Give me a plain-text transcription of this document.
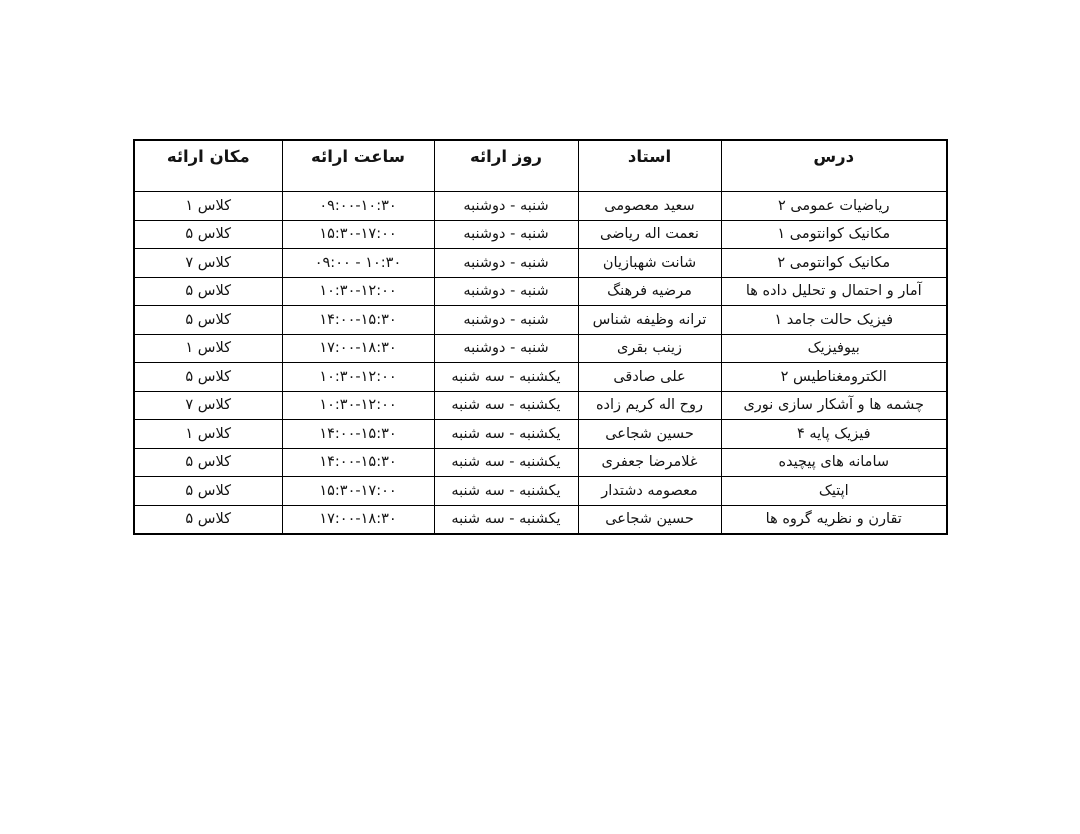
درس	استاد	روز ارائه	ساعت ارائه	مکان ارائه
ریاضیات عمومی ۲	سعید معصومی	شنبه - دوشنبه	۰۹:۰۰-۱۰:۳۰	کلاس ۱
مکانیک کوانتومی ۱	نعمت اله ریاضی	شنبه - دوشنبه	۱۵:۳۰-۱۷:۰۰	کلاس ۵
مکانیک کوانتومی ۲	شانت شهبازیان	شنبه - دوشنبه	۰۹:۰۰ - ۱۰:۳۰	کلاس ۷
آمار و احتمال و تحلیل داده ها	مرضیه فرهنگ	شنبه - دوشنبه	۱۰:۳۰-۱۲:۰۰	کلاس ۵
فیزیک حالت جامد ۱	ترانه وظیفه شناس	شنبه - دوشنبه	۱۴:۰۰-۱۵:۳۰	کلاس ۵
بیوفیزیک	زینب بقری	شنبه - دوشنبه	۱۷:۰۰-۱۸:۳۰	کلاس ۱
الکترومغناطیس ۲	علی صادقی	یکشنبه - سه شنبه	۱۰:۳۰-۱۲:۰۰	کلاس ۵
چشمه ها و آشکار سازی نوری	روح اله کریم زاده	یکشنبه - سه شنبه	۱۰:۳۰-۱۲:۰۰	کلاس ۷
فیزیک پایه ۴	حسین شجاعی	یکشنبه - سه شنبه	۱۴:۰۰-۱۵:۳۰	کلاس ۱
سامانه های پیچیده	غلامرضا جعفری	یکشنبه - سه شنبه	۱۴:۰۰-۱۵:۳۰	کلاس ۵
اپتیک	معصومه دشتدار	یکشنبه - سه شنبه	۱۵:۳۰-۱۷:۰۰	کلاس ۵
تقارن و نظریه گروه ها	حسین شجاعی	یکشنبه - سه شنبه	۱۷:۰۰-۱۸:۳۰	کلاس ۵
